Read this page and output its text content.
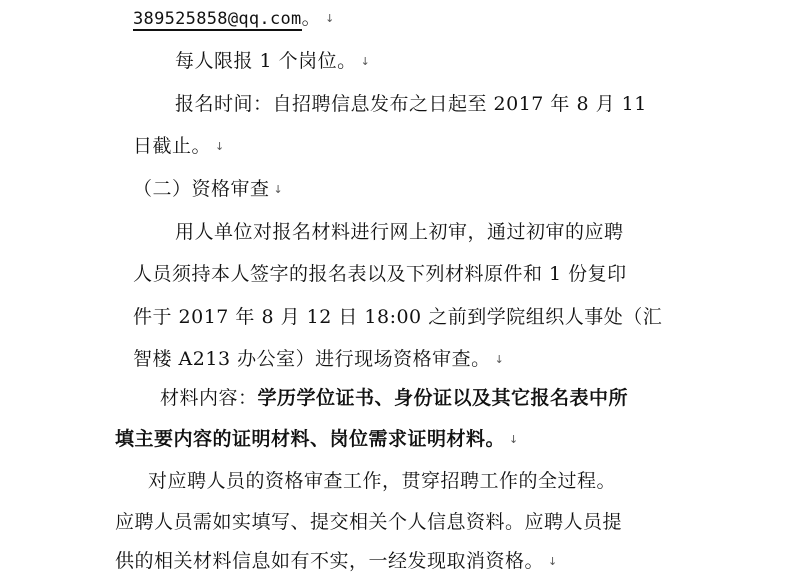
389525858@qq.com。 ↓
每人限报 1 个岗位。 ↓
报名时间：自招聘信息发布之日起至 2017 年 8 月 11
日截止。 ↓
（二）资格审查 ↓
用人单位对报名材料进行网上初审，通过初审的应聘
人员须持本人签字的报名表以及下列材料原件和 1 份复印
件于 2017 年 8 月 12 日 18:00 之前到学院组织人事处（汇
智楼 A213 办公室）进行现场资格审查。 ↓
材料内容：学历学位证书、身份证以及其它报名表中所
填主要内容的证明材料、岗位需求证明材料。 ↓
对应聘人员的资格审查工作，贯穿招聘工作的全过程。
应聘人员需如实填写、提交相关个人信息资料。应聘人员提
供的相关材料信息如有不实，一经发现取消资格。 ↓
